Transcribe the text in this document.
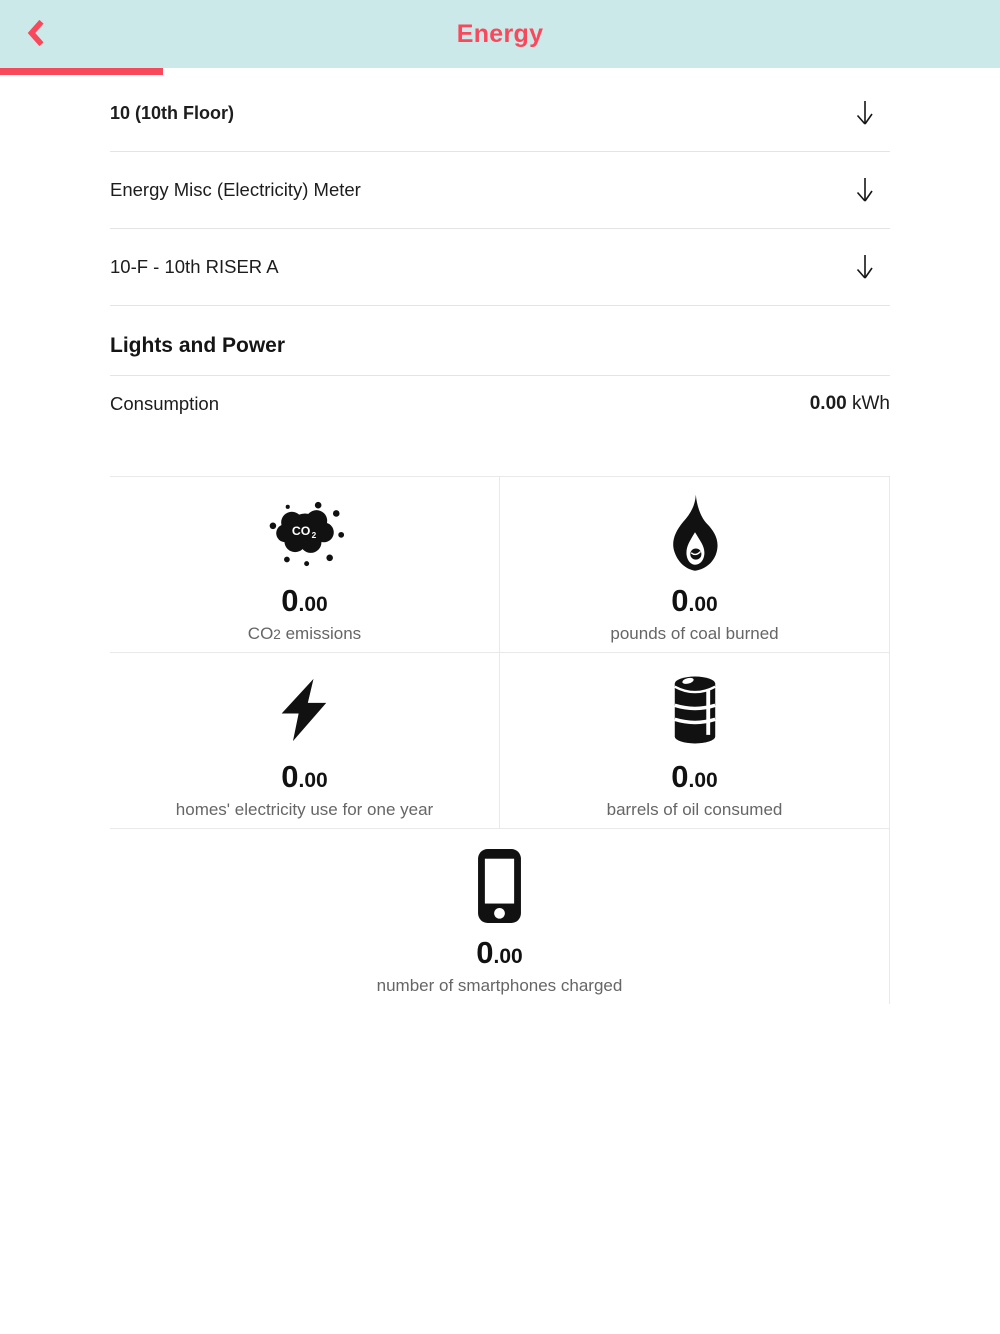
Energy
10 (10th Floor)
Energy Misc (Electricity) Meter
10-F - 10th RISER A
Lights and Power
Consumption	0.00 kWh
CO 2
0.00
CO2 emissions
0.00
pounds of coal burned
0.00
homes' electricity use for one year
0.00
barrels of oil consumed
0.00
number of smartphones charged
